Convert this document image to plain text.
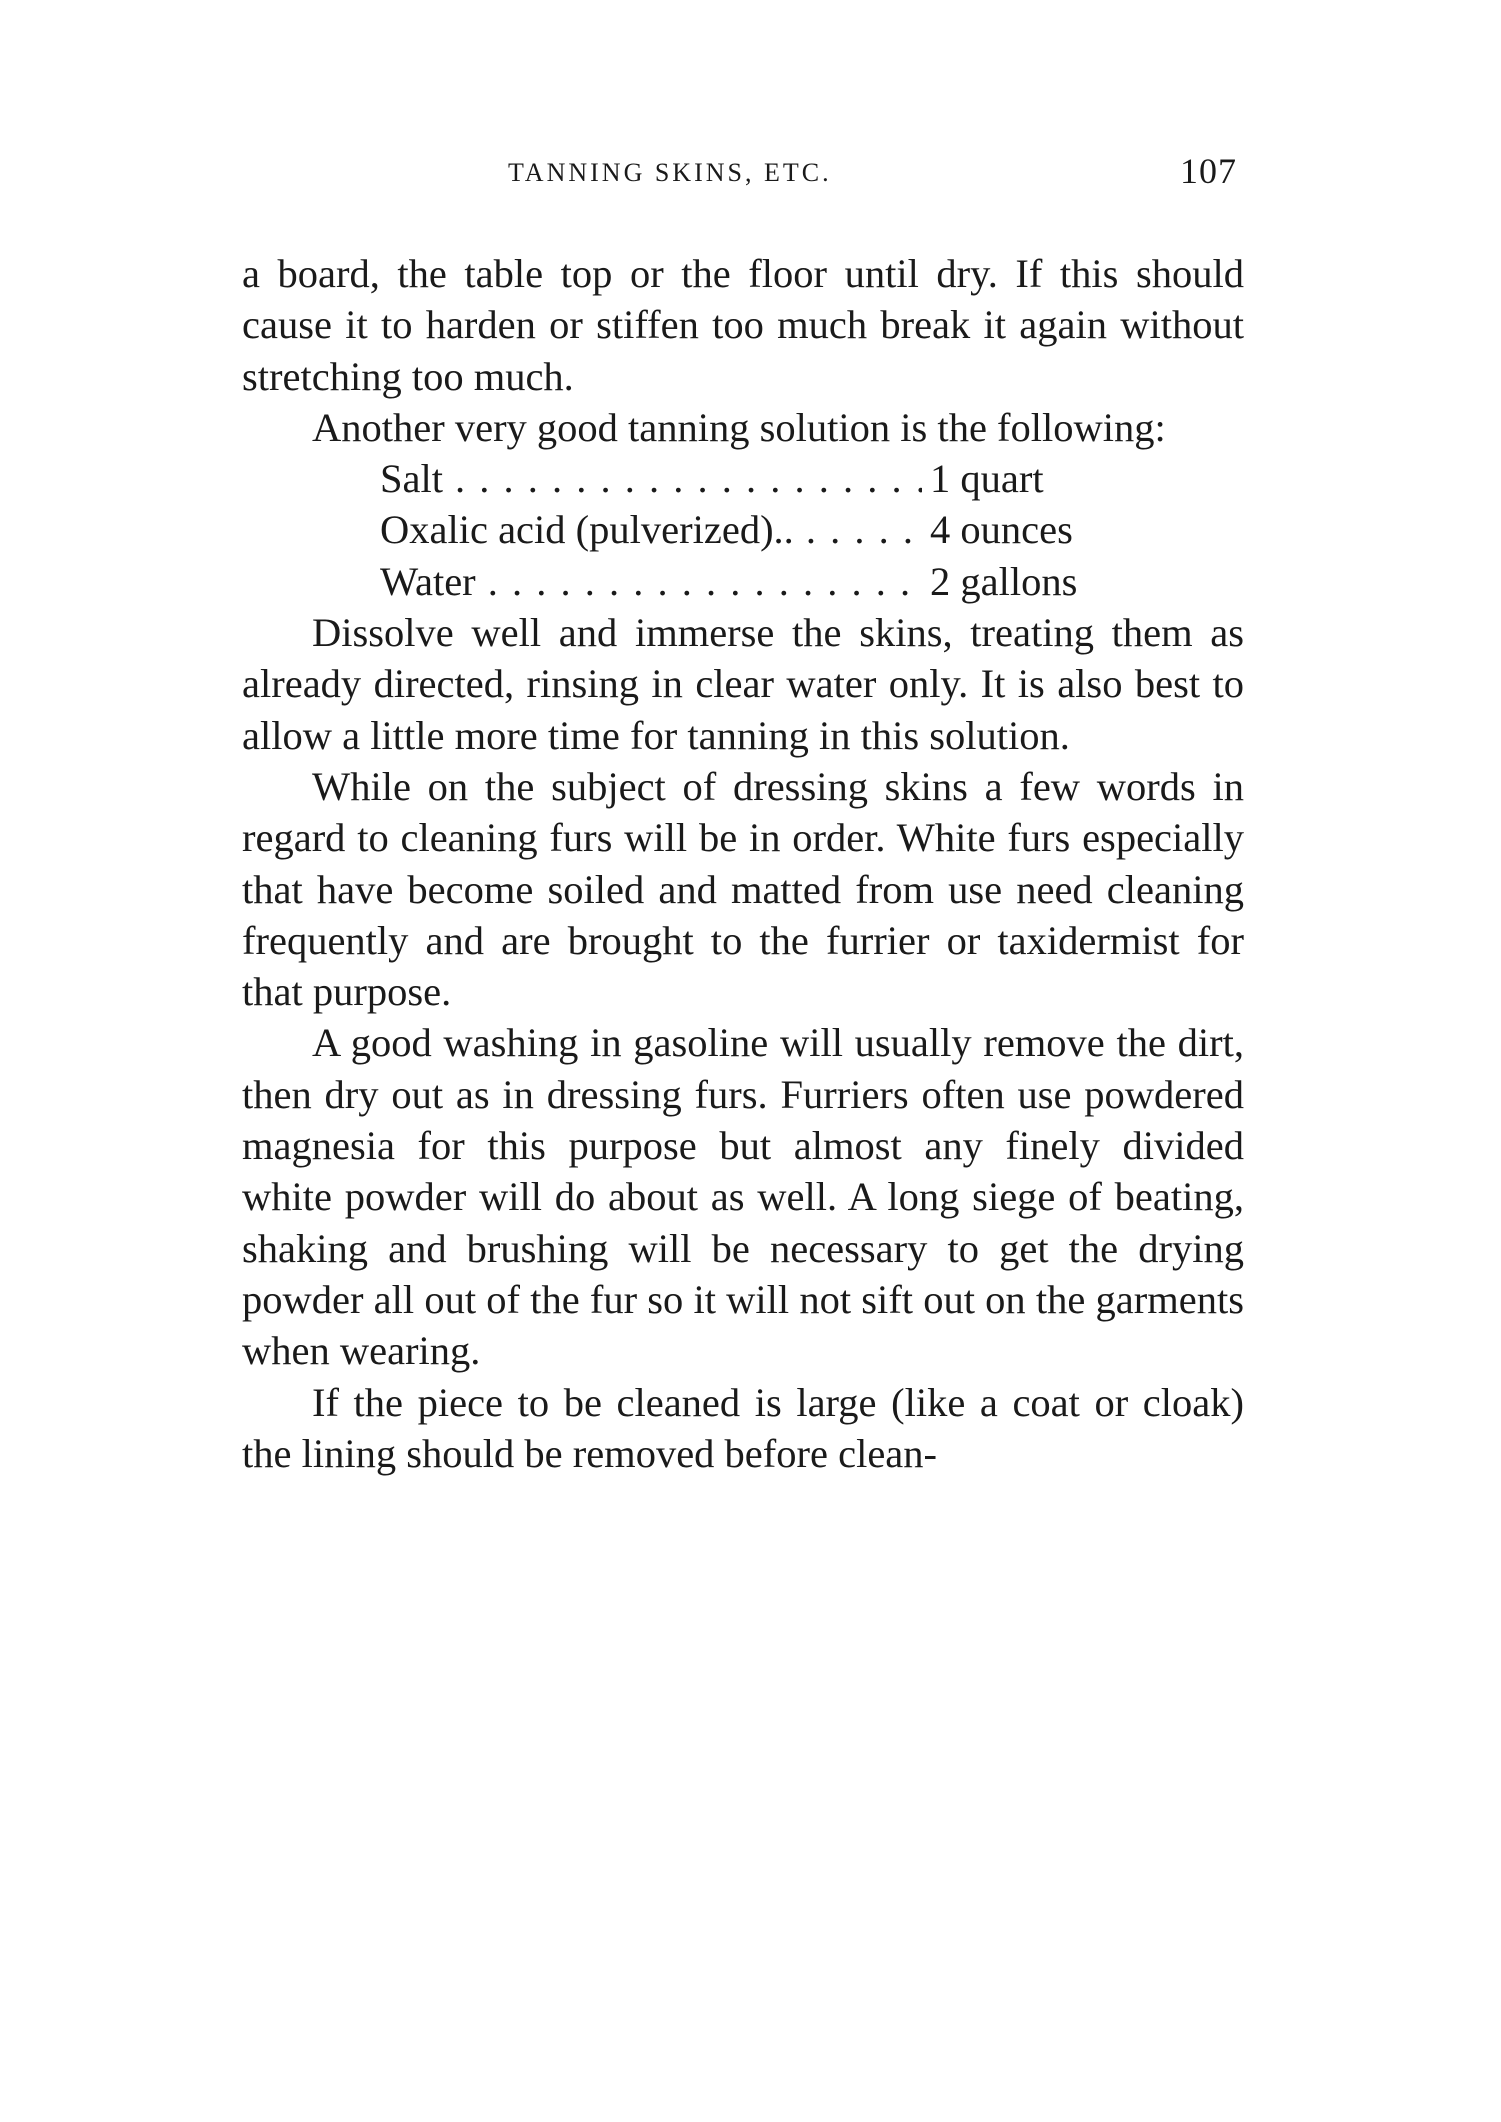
TANNING SKINS, ETC.	107

a board, the table top or the floor until dry. If this should cause it to harden or stiffen too much break it again without stretching too much.

Another very good tanning solution is the following:

Salt . . .	1 quart
Oxalic acid (pulverized).. . . .	4 ounces
Water . . .	2 gallons

Dissolve well and immerse the skins, treating them as already directed, rinsing in clear water only. It is also best to allow a little more time for tanning in this solution.

While on the subject of dressing skins a few words in regard to cleaning furs will be in order. White furs especially that have become soiled and matted from use need cleaning frequently and are brought to the furrier or taxidermist for that purpose.

A good washing in gasoline will usually remove the dirt, then dry out as in dressing furs. Furriers often use powdered magnesia for this purpose but almost any finely divided white powder will do about as well. A long siege of beating, shaking and brushing will be necessary to get the drying powder all out of the fur so it will not sift out on the garments when wearing.

If the piece to be cleaned is large (like a coat or cloak) the lining should be removed before clean-
